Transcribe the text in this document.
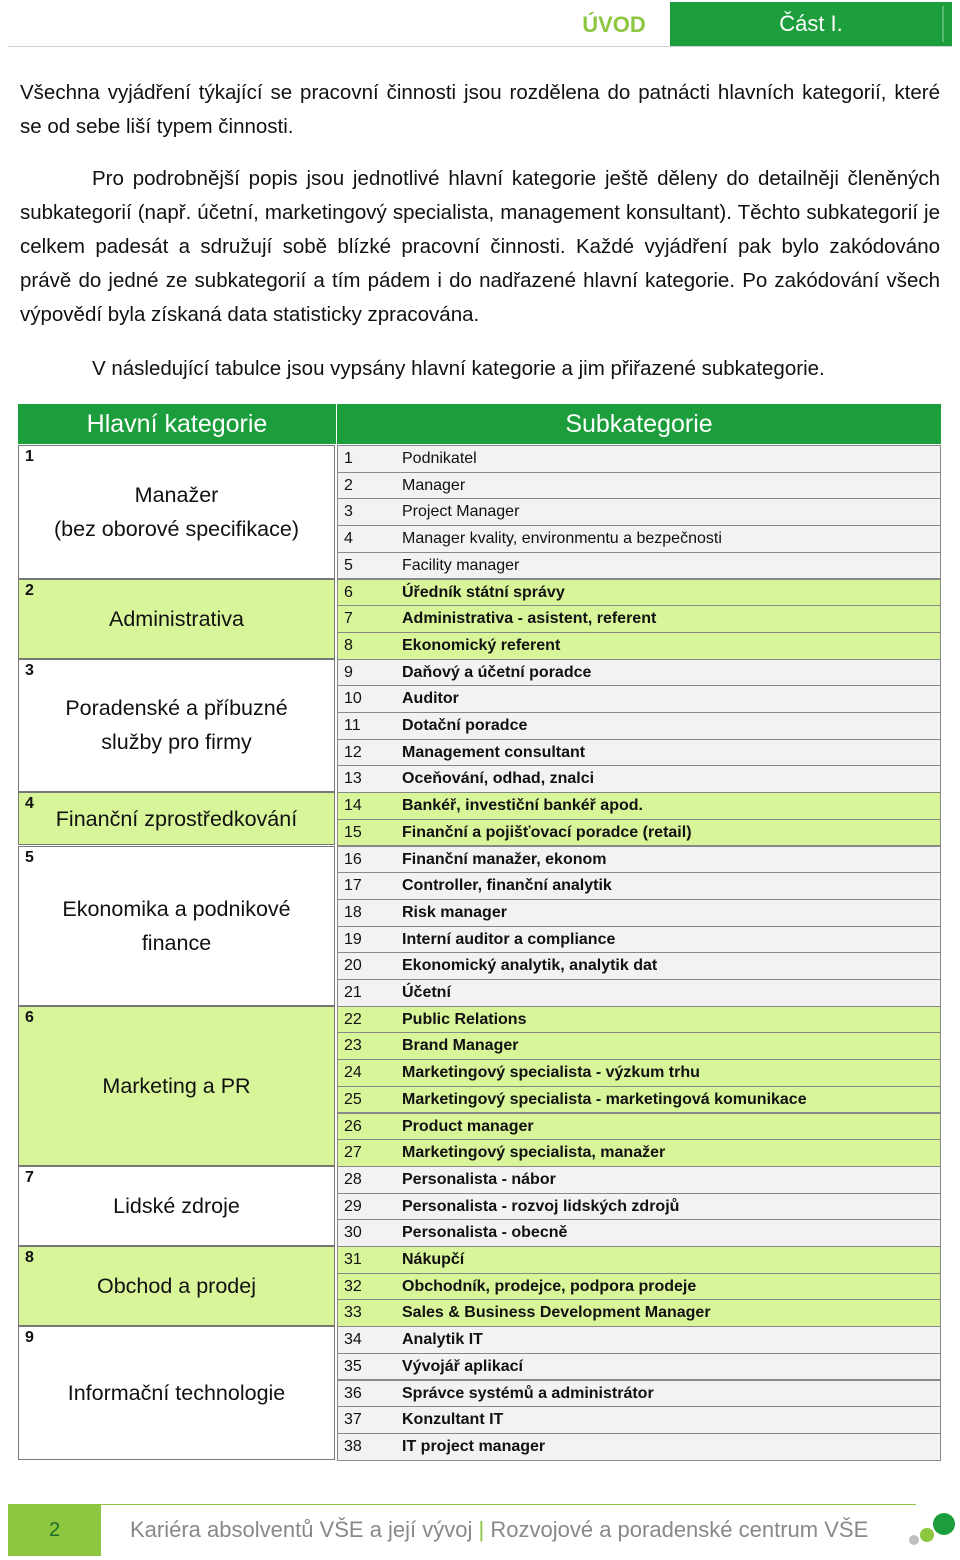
ÚVOD	Část I.
Všechna vyjádření týkající se pracovní činnosti jsou rozdělena do patnácti hlavních kategorií, které se od sebe liší typem činnosti.
Pro podrobnější popis jsou jednotlivé hlavní kategorie ještě děleny do detailněji členěných subkategorií (např. účetní, marketingový specialista, management konsultant). Těchto subkategorií je celkem padesát a sdružují sobě blízké pracovní činnosti. Každé vyjádření pak bylo zakódováno právě do jedné ze subkategorií a tím pádem i do nadřazené hlavní kategorie. Po zakódování všech výpovědí byla získaná data statisticky zpracována.
V následující tabulce jsou vypsány hlavní kategorie a jim přiřazené subkategorie.
Hlavní kategorie	Subkategorie
1
Manažer
(bez oborové specifikace)
1	Podnikatel
2	Manager
3	Project Manager
4	Manager kvality, environmentu a bezpečnosti
5	Facility manager
2
Administrativa
6	Úředník státní správy
7	Administrativa - asistent, referent
8	Ekonomický referent
3
Poradenské a příbuzné
služby pro firmy
9	Daňový a účetní poradce
10	Auditor
11	Dotační poradce
12	Management consultant
13	Oceňování, odhad, znalci
4
Finanční zprostředkování
14	Bankéř, investiční bankéř apod.
15	Finanční a pojišťovací poradce (retail)
5
Ekonomika a podnikové
finance
16	Finanční manažer, ekonom
17	Controller, finanční analytik
18	Risk manager
19	Interní auditor a compliance
20	Ekonomický analytik, analytik dat
21	Účetní
6
Marketing a PR
22	Public Relations
23	Brand Manager
24	Marketingový specialista - výzkum trhu
25	Marketingový specialista - marketingová komunikace
26	Product manager
27	Marketingový specialista, manažer
7
Lidské zdroje
28	Personalista - nábor
29	Personalista - rozvoj lidských zdrojů
30	Personalista - obecně
8
Obchod a prodej
31	Nákupčí
32	Obchodník, prodejce, podpora prodeje
33	Sales & Business Development Manager
9
Informační technologie
34	Analytik IT
35	Vývojář aplikací
36	Správce systémů a administrátor
37	Konzultant IT
38	IT project manager
2	Kariéra absolventů VŠE a její vývoj | Rozvojové a poradenské centrum VŠE
